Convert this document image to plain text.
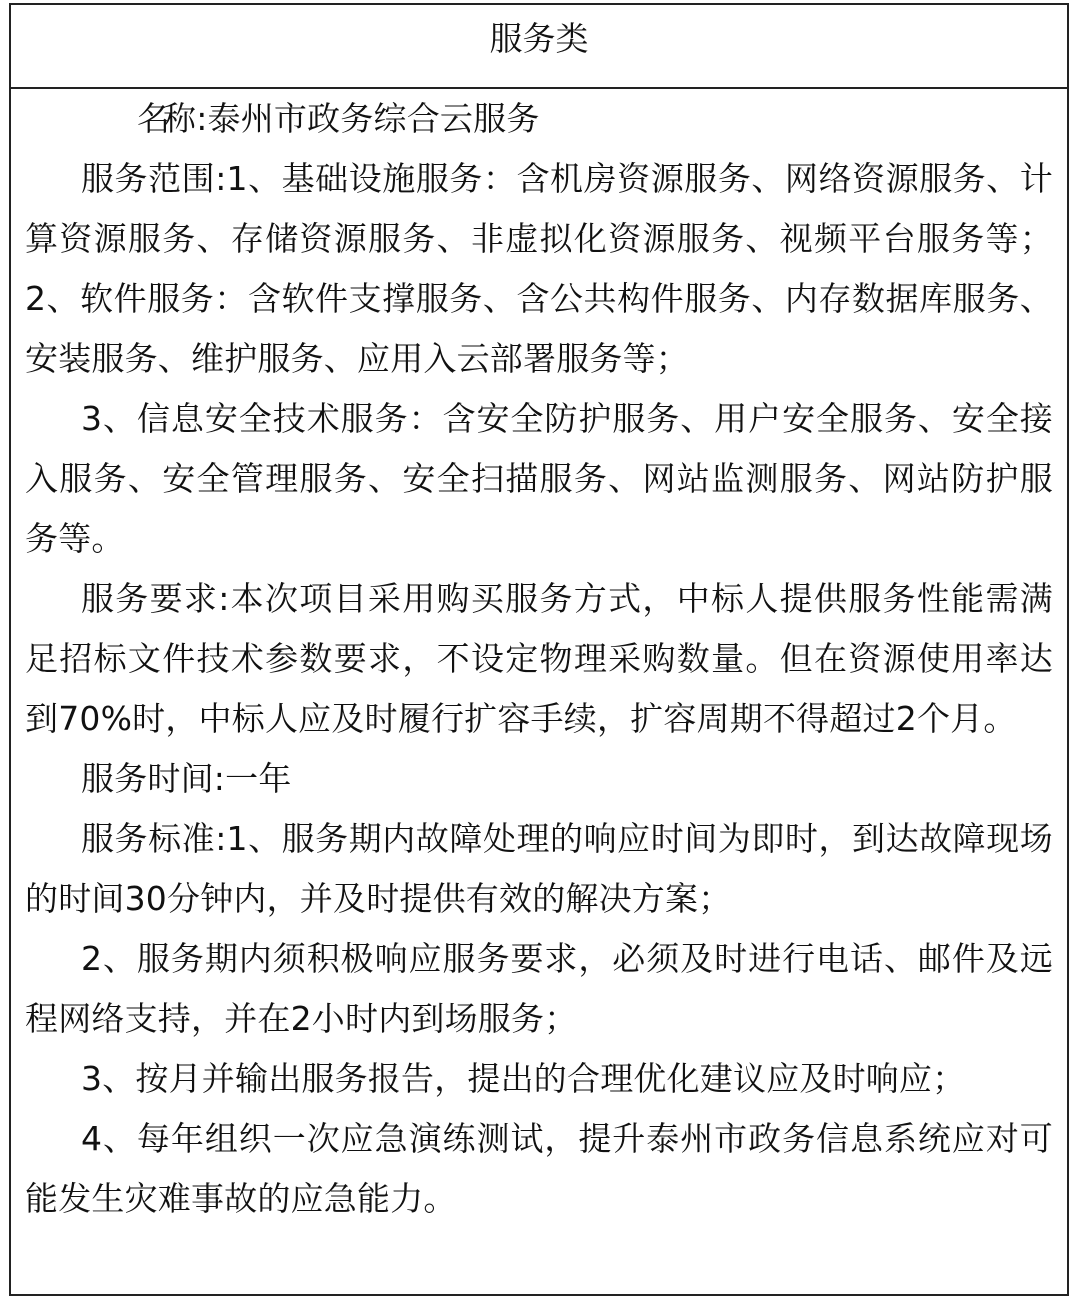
服务类

名称:泰州市政务综合云服务

服务范围:1、基础设施服务：含机房资源服务、网络资源服务、计算资源服务、存储资源服务、非虚拟化资源服务、视频平台服务等；2、软件服务：含软件支撑服务、含公共构件服务、内存数据库服务、安装服务、维护服务、应用入云部署服务等；

3、信息安全技术服务：含安全防护服务、用户安全服务、安全接入服务、安全管理服务、安全扫描服务、网站监测服务、网站防护服务等。

服务要求:本次项目采用购买服务方式，中标人提供服务性能需满足招标文件技术参数要求，不设定物理采购数量。但在资源使用率达到70%时，中标人应及时履行扩容手续，扩容周期不得超过2个月。

服务时间:一年

服务标准:1、服务期内故障处理的响应时间为即时，到达故障现场的时间30分钟内，并及时提供有效的解决方案；

2、服务期内须积极响应服务要求，必须及时进行电话、邮件及远程网络支持，并在2小时内到场服务；

3、按月并输出服务报告，提出的合理优化建议应及时响应；

4、每年组织一次应急演练测试，提升泰州市政务信息系统应对可能发生灾难事故的应急能力。
